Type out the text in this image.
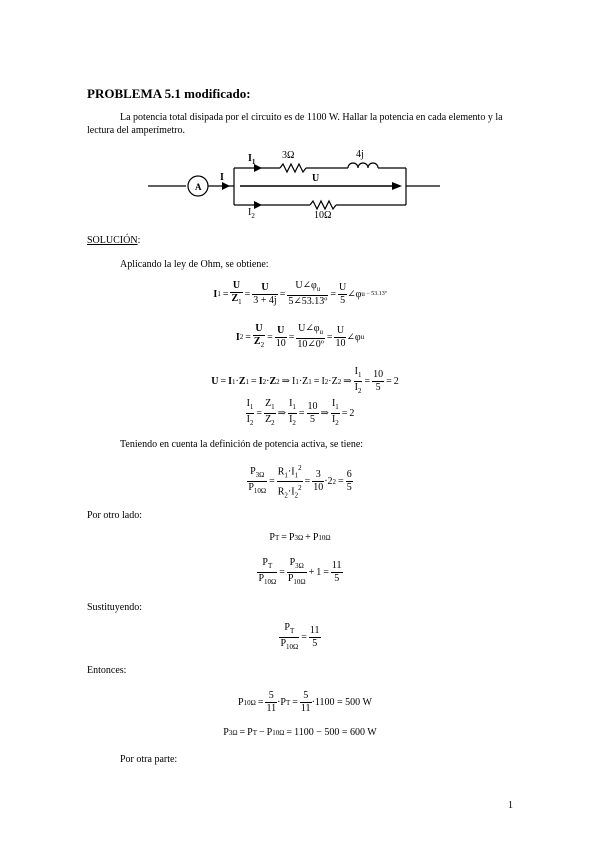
PROBLEMA 5.1 modificado:
La potencia total disipada por el circuito es de 1100 W. Hallar la potencia en cada elemento y la
lectura del amperímetro.
A
I
$I_1$
$I_2$
3Ω	4j
U
10Ω
SOLUCIÓN:
Aplicando la ley de Ohm, se obtiene:
I $1 = \frac{U}{Z_1} = \frac{U}{3 + 4j} = \frac{U\angle\varphi_u}{\text{5∠53.13º}} = \frac{U}{5}$ ∠φ u − 53.13º
I $2 = \frac{U}{Z_2} = \frac{U}{10} = \frac{U\angle\varphi_u}{\text{10∠0º}} = \frac{U}{10}$ ∠φ u
U = I 1 · Z 1 = I 2 · Z 2 ⇒ I 1 ·Z 1 = I 2 ·Z 2 ⇒ $\frac{I_1}{I_2} = \frac{10}{5} = 2$
$\frac{I_1}{I_2} = \frac{Z_1}{Z_2}$ ⇒ $\frac{I_1}{I_2} = \frac{10}{5}$ ⇒ $\frac{I_1}{I_2} = 2$
Teniendo en cuenta la definición de potencia activa, se tiene:
$\frac{P_{3\Omega}}{P_{10\Omega}} = \frac{R_1\cdot I_1^2}{R_2\cdot I_2^2} = \frac{3}{10} \cdot 2$ $2 = \frac{6}{5}$
Por otro lado:
P T = P 3Ω + P 10Ω
$\frac{P_T}{P_{10\Omega}} = \frac{P_{3\Omega}}{P_{10\Omega}} + 1 = \frac{11}{5}$
Sustituyendo:
$\frac{P_T}{P_{10\Omega}} = \frac{11}{5}$
Entonces:
P $10\Omega = \frac{5}{11} \cdot P$ $T = \frac{5}{11} \cdot 1100 = 500$ W
P 3Ω = P T − P 10Ω = 1100 − 500 = 600 W
Por otra parte:
1
